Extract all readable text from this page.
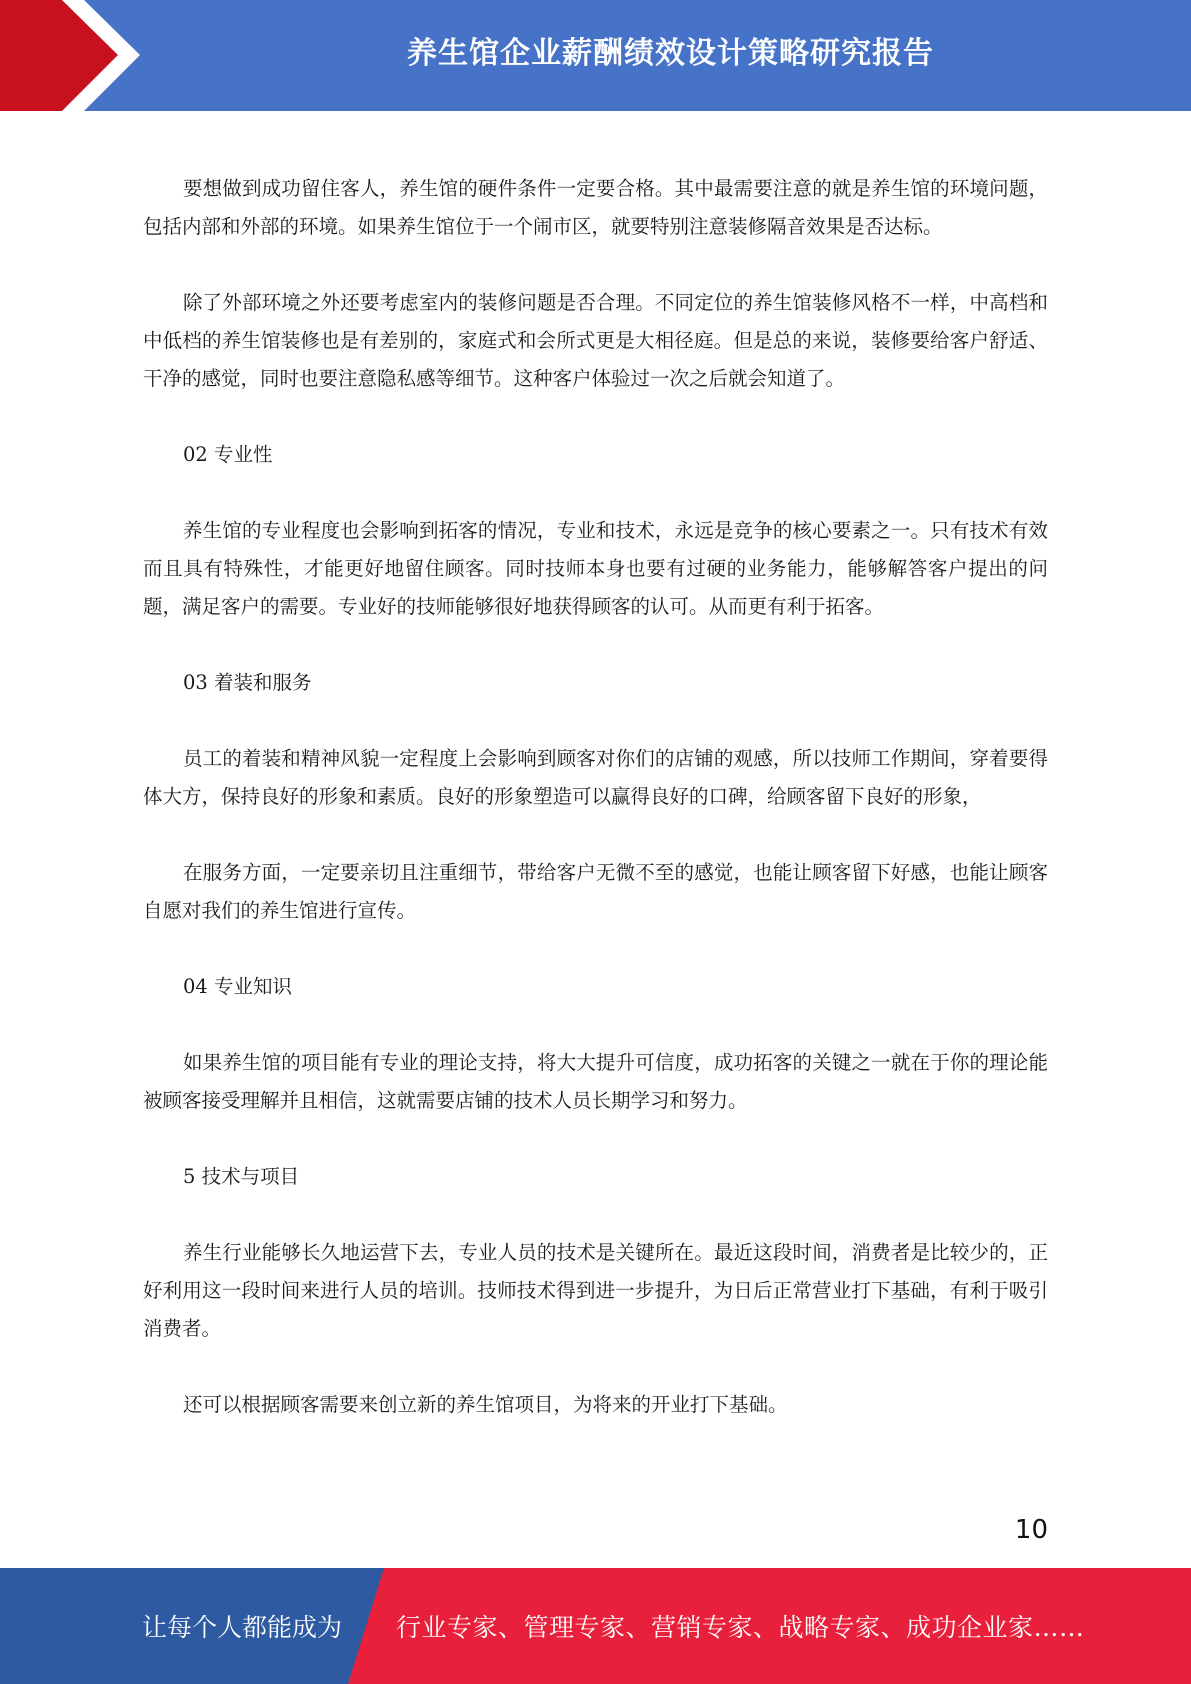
养生馆企业薪酬绩效设计策略研究报告

要想做到成功留住客人，养生馆的硬件条件一定要合格。其中最需要注意的就是养生馆的环境问题，包括内部和外部的环境。如果养生馆位于一个闹市区，就要特别注意装修隔音效果是否达标。

除了外部环境之外还要考虑室内的装修问题是否合理。不同定位的养生馆装修风格不一样，中高档和中低档的养生馆装修也是有差别的，家庭式和会所式更是大相径庭。但是总的来说，装修要给客户舒适、干净的感觉，同时也要注意隐私感等细节。这种客户体验过一次之后就会知道了。

02 专业性

养生馆的专业程度也会影响到拓客的情况，专业和技术，永远是竞争的核心要素之一。只有技术有效而且具有特殊性，才能更好地留住顾客。同时技师本身也要有过硬的业务能力，能够解答客户提出的问题，满足客户的需要。专业好的技师能够很好地获得顾客的认可。从而更有利于拓客。

03 着装和服务

员工的着装和精神风貌一定程度上会影响到顾客对你们的店铺的观感，所以技师工作期间，穿着要得体大方，保持良好的形象和素质。良好的形象塑造可以赢得良好的口碑，给顾客留下良好的形象，

在服务方面，一定要亲切且注重细节，带给客户无微不至的感觉，也能让顾客留下好感，也能让顾客自愿对我们的养生馆进行宣传。

04 专业知识

如果养生馆的项目能有专业的理论支持，将大大提升可信度，成功拓客的关键之一就在于你的理论能被顾客接受理解并且相信，这就需要店铺的技术人员长期学习和努力。

5 技术与项目

养生行业能够长久地运营下去，专业人员的技术是关键所在。最近这段时间，消费者是比较少的，正好利用这一段时间来进行人员的培训。技师技术得到进一步提升，为日后正常营业打下基础，有利于吸引消费者。

还可以根据顾客需要来创立新的养生馆项目，为将来的开业打下基础。

10
让每个人都能成为 行业专家、管理专家、营销专家、战略专家、成功企业家……
